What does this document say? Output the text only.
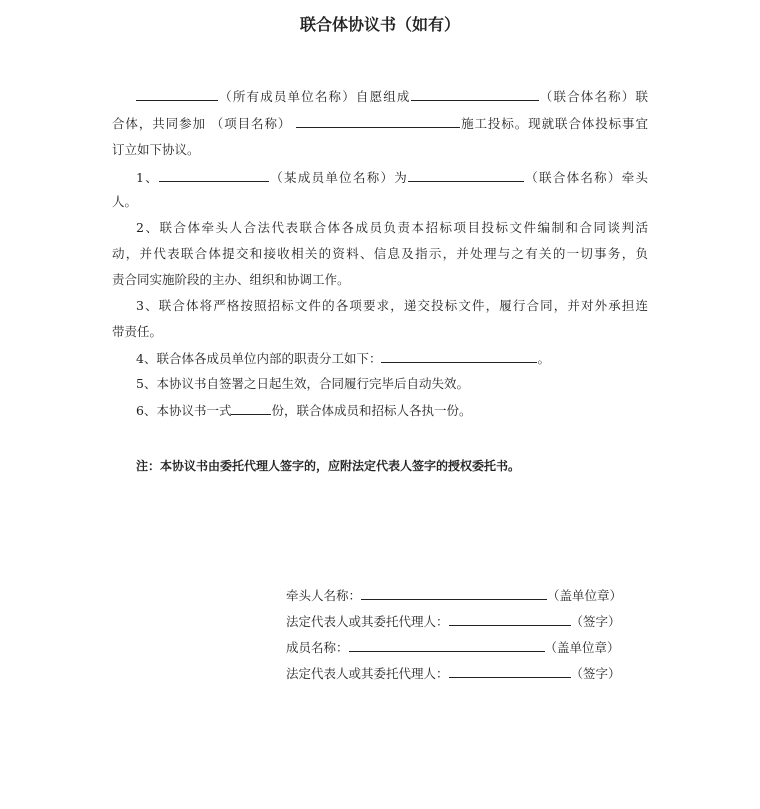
联合体协议书（如有）
（所有成员单位名称）自愿组成	（联合体名称）联
合体，共同参加 （项目名称）	施工投标。现就联合体投标事宜
订立如下协议。
1、	（某成员单位名称）为	（联合体名称）牵头
人。
2、联合体牵头人合法代表联合体各成员负责本招标项目投标文件编制和合同谈判活
动，并代表联合体提交和接收相关的资料、信息及指示，并处理与之有关的一切事务，负
责合同实施阶段的主办、组织和协调工作。
3、联合体将严格按照招标文件的各项要求，递交投标文件，履行合同，并对外承担连
带责任。
4、联合体各成员单位内部的职责分工如下：	。
5、本协议书自签署之日起生效，合同履行完毕后自动失效。
6、本协议书一式	份，联合体成员和招标人各执一份。
注：本协议书由委托代理人签字的，应附法定代表人签字的授权委托书。
牵头人名称：	（盖单位章）
法定代表人或其委托代理人：	（签字）
成员名称：	（盖单位章）
法定代表人或其委托代理人：	（签字）
